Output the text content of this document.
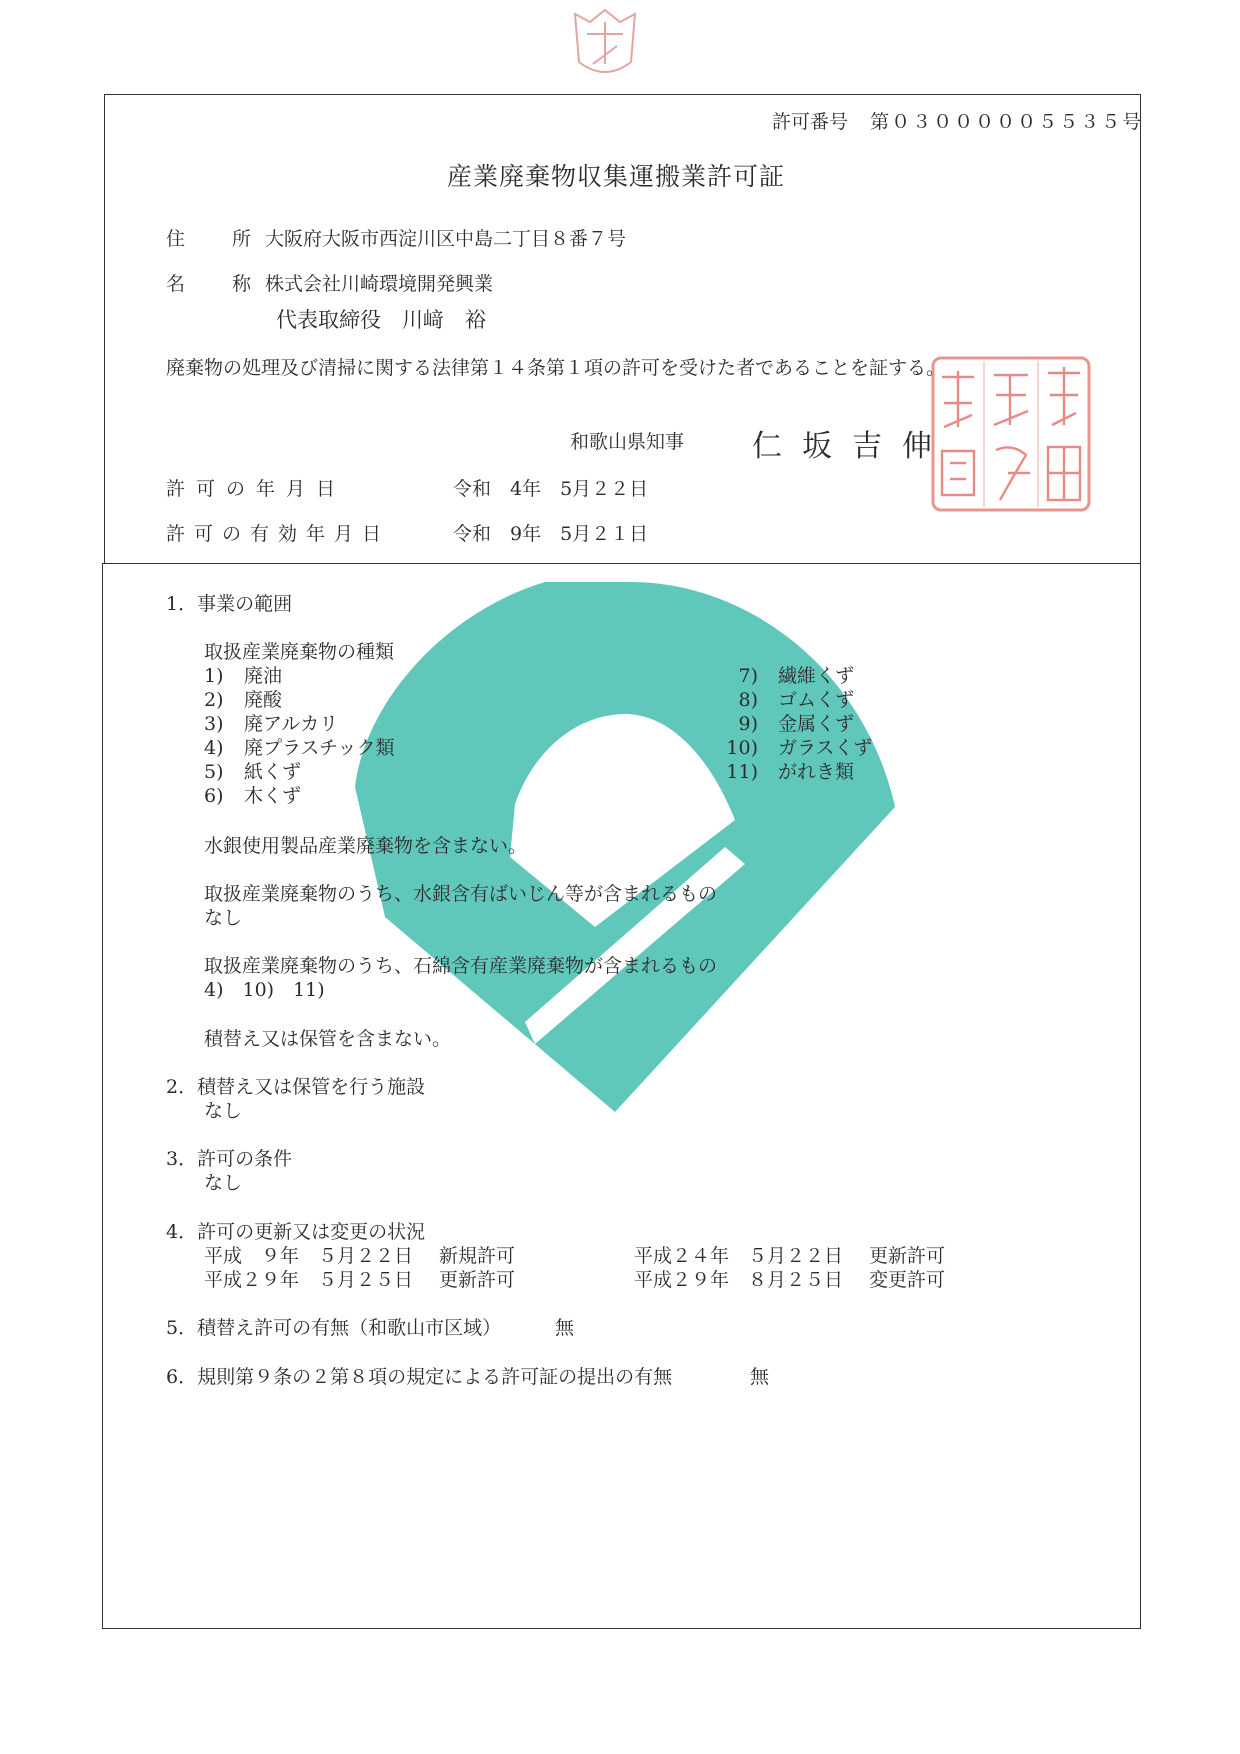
許可番号 第０３０００００５５３５号
産業廃棄物収集運搬業許可証
住　所 大阪府大阪市西淀川区中島二丁目８番７号
名　称 株式会社川崎環境開発興業
代表取締役　川﨑　裕
廃棄物の処理及び清掃に関する法律第１４条第１項の許可を受けた者であることを証する。
和歌山県知事 仁坂吉伸
許可の年月日	令和　4年　5月２２日
許可の有効年月日	令和　9年　5月２１日
1．事業の範囲
取扱産業廃棄物の種類
1) 廃油
2) 廃酸
3) 廃アルカリ
4) 廃プラスチック類
5) 紙くず
6) 木くず
7) 繊維くず
8) ゴムくず
9) 金属くず
10) ガラスくず
11) がれき類
水銀使用製品産業廃棄物を含まない。
取扱産業廃棄物のうち、水銀含有ばいじん等が含まれるもの
なし
取扱産業廃棄物のうち、石綿含有産業廃棄物が含まれるもの
4)　10)　11)
積替え又は保管を含まない。
2．積替え又は保管を行う施設
なし
3．許可の条件
なし
4．許可の更新又は変更の状況
平成　９年　５月２２日 新規許可	平成２４年　５月２２日 更新許可
平成２９年　５月２５日 更新許可	平成２９年　８月２５日 変更許可
5．積替え許可の有無（和歌山市区域）	無
6．規則第９条の２第８項の規定による許可証の提出の有無	無
